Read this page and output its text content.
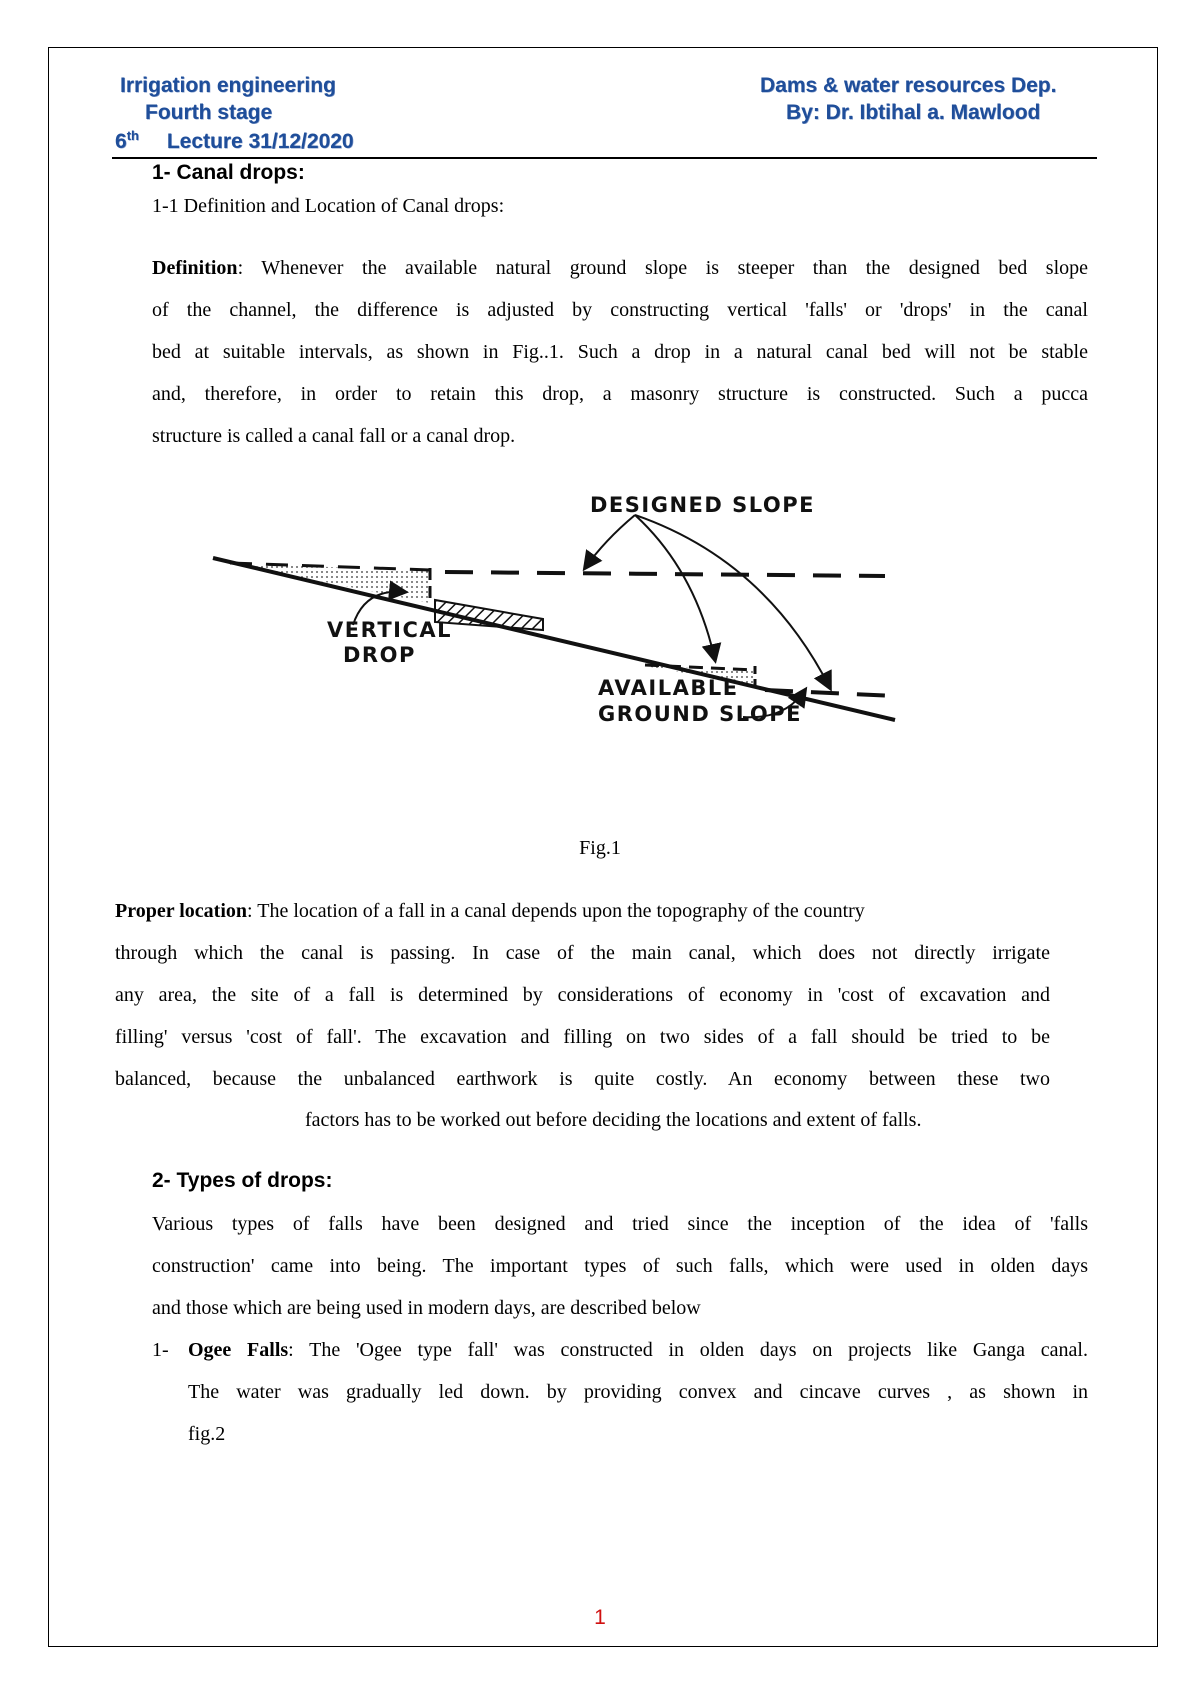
Irrigation engineering
Fourth stage
6th Lecture 31/12/2020
Dams & water resources Dep.
By: Dr. Ibtihal a. Mawlood
1- Canal drops:
1-1 Definition and Location of Canal drops:
Definition: Whenever the available natural ground slope is steeper than the designed bed slope
of the channel, the difference is adjusted by constructing vertical 'falls' or 'drops' in the canal
bed at suitable intervals, as shown in Fig..1. Such a drop in a natural canal bed will not be stable
and, therefore, in order to retain this drop, a masonry structure is constructed. Such a pucca
structure is called a canal fall or a canal drop.
DESIGNED SLOPE
VERTICAL
DROP
AVAILABLE
GROUND SLOPE
Fig.1
Proper location: The location of a fall in a canal depends upon the topography of the country
through which the canal is passing. In case of the main canal, which does not directly irrigate
any area, the site of a fall is determined by considerations of economy in 'cost of excavation and
filling' versus 'cost of fall'. The excavation and filling on two sides of a fall should be tried to be
balanced, because the unbalanced earthwork is quite costly. An economy between these two
factors has to be worked out before deciding the locations and extent of falls.
2- Types of drops:
Various types of falls have been designed and tried since the inception of the idea of 'falls
construction' came into being. The important types of such falls, which were used in olden days
and those which are being used in modern days, are described below
1- Ogee Falls: The 'Ogee type fall' was constructed in olden days on projects like Ganga canal.
The water was gradually led down. by providing convex and cincave curves , as shown in
fig.2
1
